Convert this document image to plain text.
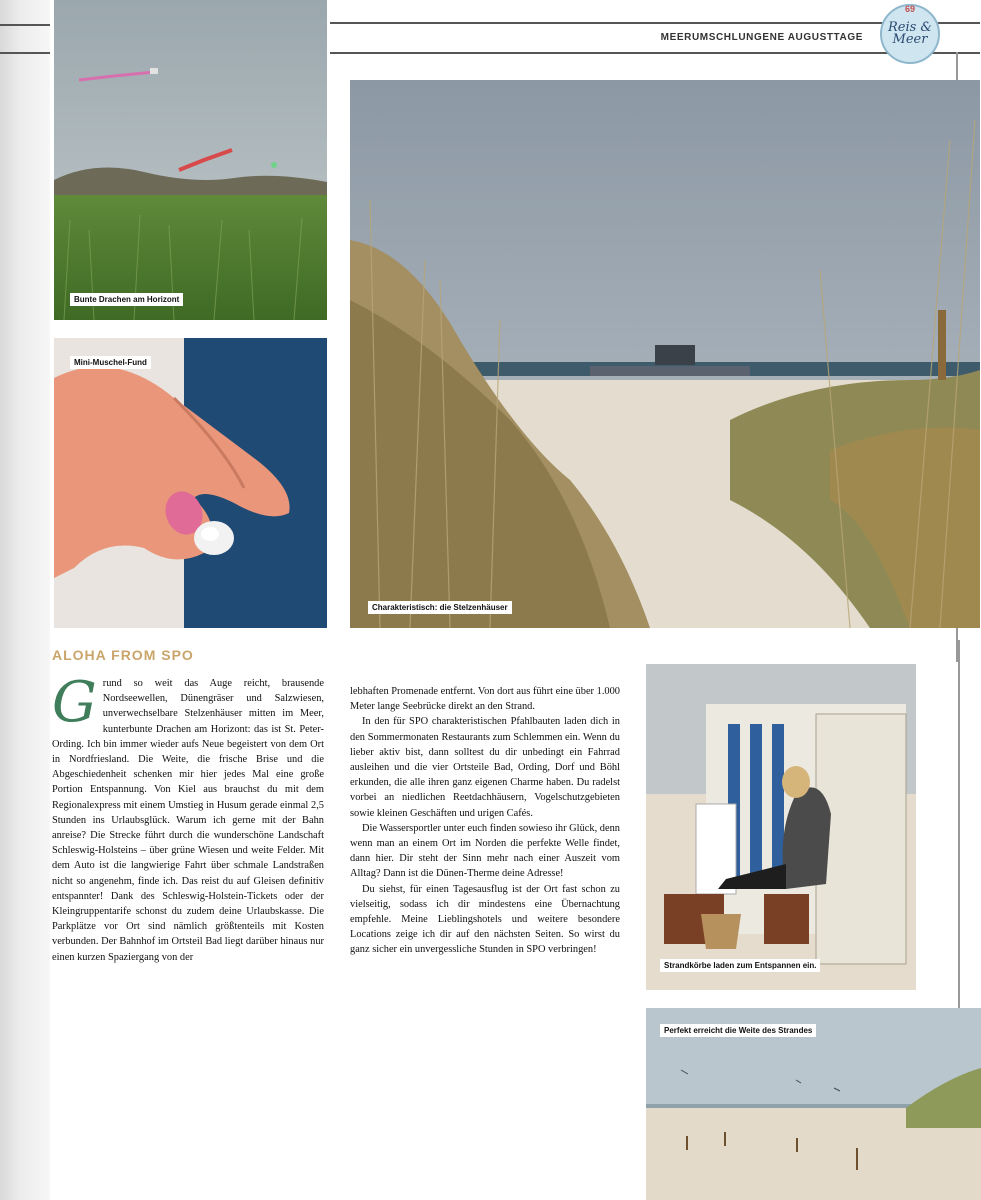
MEERUMSCHLUNGENE AUGUSTTAGE
69
Reis & Meer
Bunte Drachen am Horizont
Mini-Muschel-Fund
Charakteristisch: die Stelzenhäuser
Strandkörbe laden zum Entspannen ein.
Perfekt erreicht die Weite des Strandes
ALOHA FROM SPO
Grund so weit das Auge reicht, brausende Nordseewellen, Dünengräser und Salzwiesen, unverwechselbare Stelzenhäuser mitten im Meer, kunterbunte Drachen am Horizont: das ist St. Peter-Ording. Ich bin immer wieder aufs Neue begeistert von dem Ort in Nordfriesland. Die Weite, die frische Brise und die Abgeschiedenheit schenken mir hier jedes Mal eine große Portion Entspannung. Von Kiel aus brauchst du mit dem Regionalexpress mit einem Umstieg in Husum gerade einmal 2,5 Stunden ins Urlaubsglück. Warum ich gerne mit der Bahn anreise? Die Strecke führt durch die wunderschöne Landschaft Schleswig-Holsteins – über grüne Wiesen und weite Felder. Mit dem Auto ist die langwierige Fahrt über schmale Landstraßen nicht so angenehm, finde ich. Das reist du auf Gleisen definitiv entspannter! Dank des Schleswig-Holstein-Tickets oder der Kleingruppentarife schonst du zudem deine Urlaubskasse. Die Parkplätze vor Ort sind nämlich größtenteils mit Kosten verbunden. Der Bahnhof im Ortsteil Bad liegt darüber hinaus nur einen kurzen Spaziergang von der

lebhaften Promenade entfernt. Von dort aus führt eine über 1.000 Meter lange Seebrücke direkt an den Strand.

In den für SPO charakteristischen Pfahlbauten laden dich in den Sommermonaten Restaurants zum Schlemmen ein. Wenn du lieber aktiv bist, dann solltest du dir unbedingt ein Fahrrad ausleihen und die vier Ortsteile Bad, Ording, Dorf und Böhl erkunden, die alle ihren ganz eigenen Charme haben. Du radelst vorbei an niedlichen Reetdachhäusern, Vogelschutzgebieten sowie kleinen Geschäften und urigen Cafés.

Die Wassersportler unter euch finden sowieso ihr Glück, denn wenn man an einem Ort im Norden die perfekte Welle findet, dann hier. Dir steht der Sinn mehr nach einer Auszeit vom Alltag? Dann ist die Dünen-Therme deine Adresse!

Du siehst, für einen Tagesausflug ist der Ort fast schon zu vielseitig, sodass ich dir mindestens eine Übernachtung empfehle. Meine Lieblingshotels und weitere besondere Locations zeige ich dir auf den nächsten Seiten. So wirst du ganz sicher ein unvergessliche Stunden in SPO verbringen!
